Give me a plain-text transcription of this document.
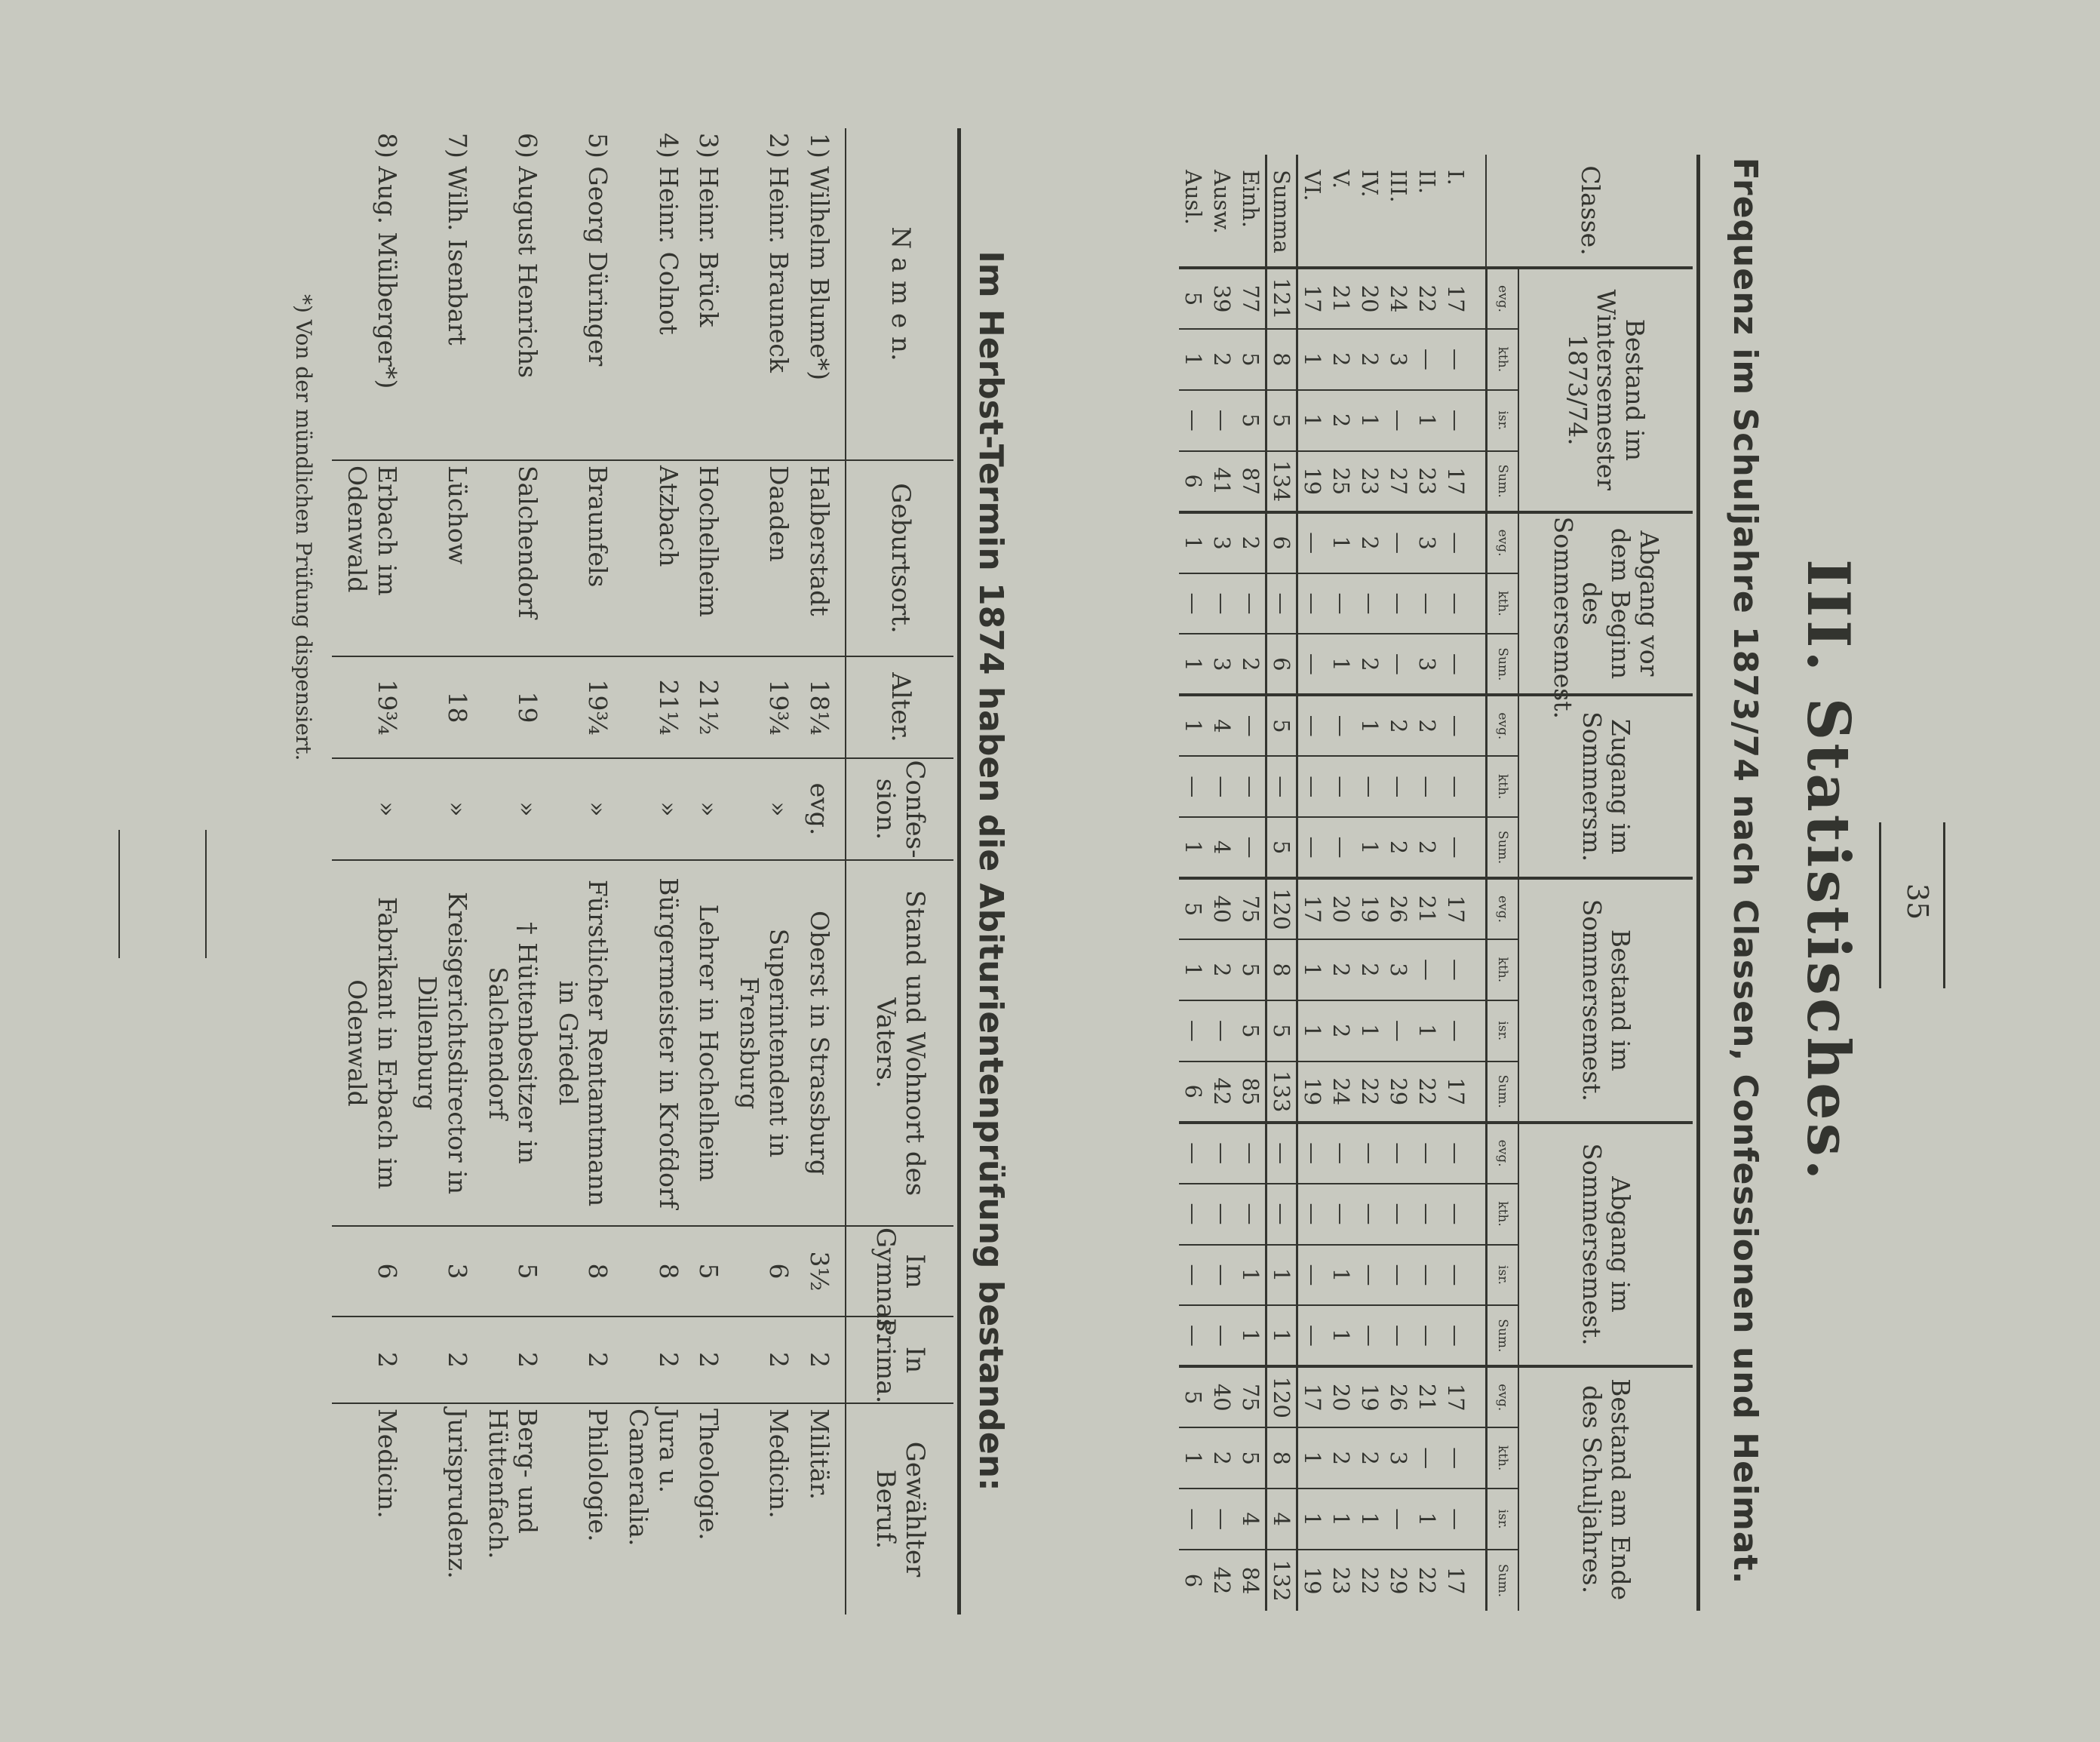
35
III. Statistisches.
Frequenz im Schuljahre 1873/74 nach Classen, Confessionen und Heimat.
Classe.	Bestand im Wintersemester 1873/74.				Abgang vor dem Beginn des Sommersemest.			Zugang im Sommersm.			Bestand im Sommersemest.				Abgang im Sommersemest.				Bestand am Ende des Schuljahres.			
	evg.	kth.	isr.	Sum.	evg.	kth.	Sum.	evg.	kth.	Sum.	evg.	kth.	isr.	Sum.	evg.	kth.	isr.	Sum.	evg.	kth.	isr.	Sum.
I.	17	—	—	17	—	—	—	—	—	—	17	—	—	17	—	—	—	—	17	—	—	17
II.	22	—	1	23	3	—	3	2	—	2	21	—	1	22	—	—	—	—	21	—	1	22
III.	24	3	—	27	—	—	—	2	—	2	26	3	—	29	—	—	—	—	26	3	—	29
IV.	20	2	1	23	2	—	2	1	—	1	19	2	1	22	—	—	—	—	19	2	1	22
V.	21	2	2	25	1	—	1	—	—	—	20	2	2	24	—	—	1	1	20	2	1	23
VI.	17	1	1	19	—	—	—	—	—	—	17	1	1	19	—	—	—	—	17	1	1	19
Summa	121	8	5	134	6	—	6	5	—	5	120	8	5	133	—	—	1	1	120	8	4	132
Einh.	77	5	5	87	2	—	2	—	—	—	75	5	5	85	—	—	1	1	75	5	4	84
Ausw.	39	2	—	41	3	—	3	4	—	4	40	2	—	42	—	—	—	—	40	2	—	42
Ausl.	5	1	—	6	1	—	1	1	—	1	5	1	—	6	—	—	—	—	5	1	—	6
Im Herbst-Termin 1874 haben die Abiturientenprüfung bestanden:
N a m e n.	Geburtsort.	Alter.	Confes-sion.	Stand und Wohnort des Vaters.	Im Gymnas.	In Prima.	Gewählter Beruf.
1) Wilhelm Blume*)	Halberstadt	18¼	evg.	Oberst in Strassburg	3½	2	Militär.
2) Heinr. Brauneck	Daaden	19¾	»	Superintendent in Frensburg	6	2	Medicin.
3) Heinr. Brück	Hochelheim	21½	»	Lehrer in Hochelheim	5	2	Theologie.
4) Heinr. Colnot	Atzbach	21¼	»	Bürgermeister in Krofdorf	8	2	Jura u. Cameralia.
5) Georg Düringer	Braunfels	19¾	»	Fürstlicher Rentamtmann in Griedel	8	2	Philologie.
6) August Henrichs	Salchendorf	19	»	† Hüttenbesitzer in Salchendorf	5	2	Berg- und Hüttenfach.
7) Wilh. Isenbart	Lüchow	18	»	Kreisgerichtsdirector in Dillenburg	3	2	Jurisprudenz.
8) Aug. Mülberger*)	Erbach im Odenwald	19¾	»	Fabrikant in Erbach im Odenwald	6	2	Medicin.
*) Von der mündlichen Prüfung dispensiert.
